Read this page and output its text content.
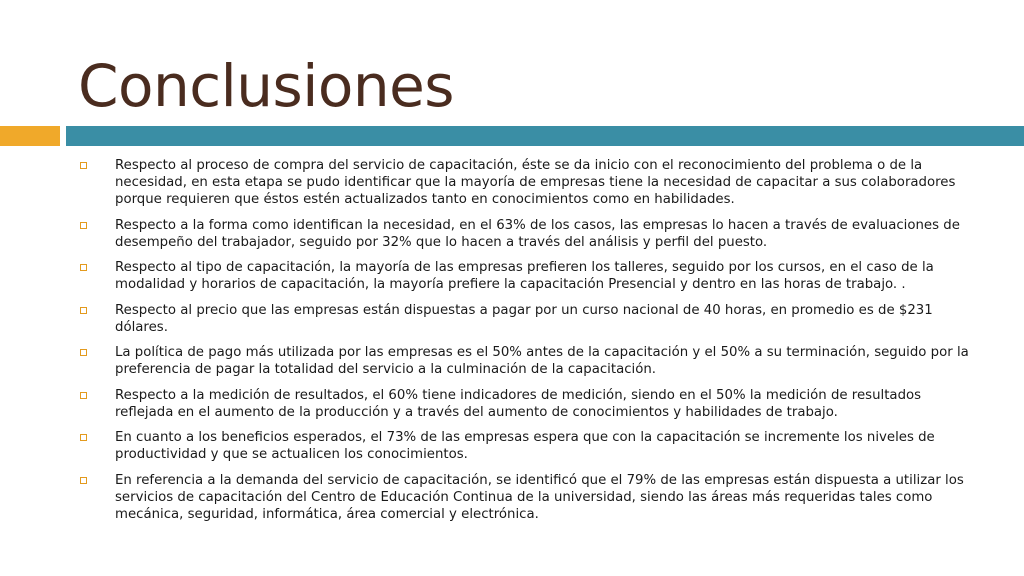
Conclusiones
Respecto al proceso de compra del servicio de capacitación, éste se da inicio con el reconocimiento del problema o de la necesidad, en esta etapa se pudo identificar que la mayoría de empresas tiene la necesidad de capacitar a sus colaboradores porque requieren que éstos estén actualizados tanto en conocimientos como en habilidades.
Respecto a la forma como identifican la necesidad, en el 63% de los casos, las empresas lo hacen a través de evaluaciones de desempeño del trabajador, seguido por 32% que lo hacen a través del análisis y perfil del puesto.
Respecto al tipo de capacitación, la mayoría de las empresas prefieren los talleres, seguido por los cursos, en el caso de la modalidad y horarios de capacitación, la mayoría prefiere la capacitación Presencial y dentro en las horas de trabajo. .
Respecto al precio que las empresas están dispuestas a pagar por un curso nacional de 40 horas, en promedio es de $231 dólares.
La política de pago más utilizada por las empresas es el 50% antes de la capacitación y el 50% a su terminación, seguido por la preferencia de pagar la totalidad del servicio a la culminación de la capacitación.
Respecto a la medición de resultados, el 60% tiene indicadores de medición, siendo en el 50% la medición de resultados reflejada en el aumento de la producción y a través del aumento de conocimientos y habilidades de trabajo.
En cuanto a los beneficios esperados, el 73% de las empresas espera que con la capacitación se incremente los niveles de productividad y que se actualicen los conocimientos.
En referencia a la demanda del servicio de capacitación, se identificó que el 79% de las empresas están dispuesta a utilizar los servicios de capacitación del Centro de Educación Continua de la universidad, siendo las áreas más requeridas tales como mecánica, seguridad, informática, área comercial y electrónica.
